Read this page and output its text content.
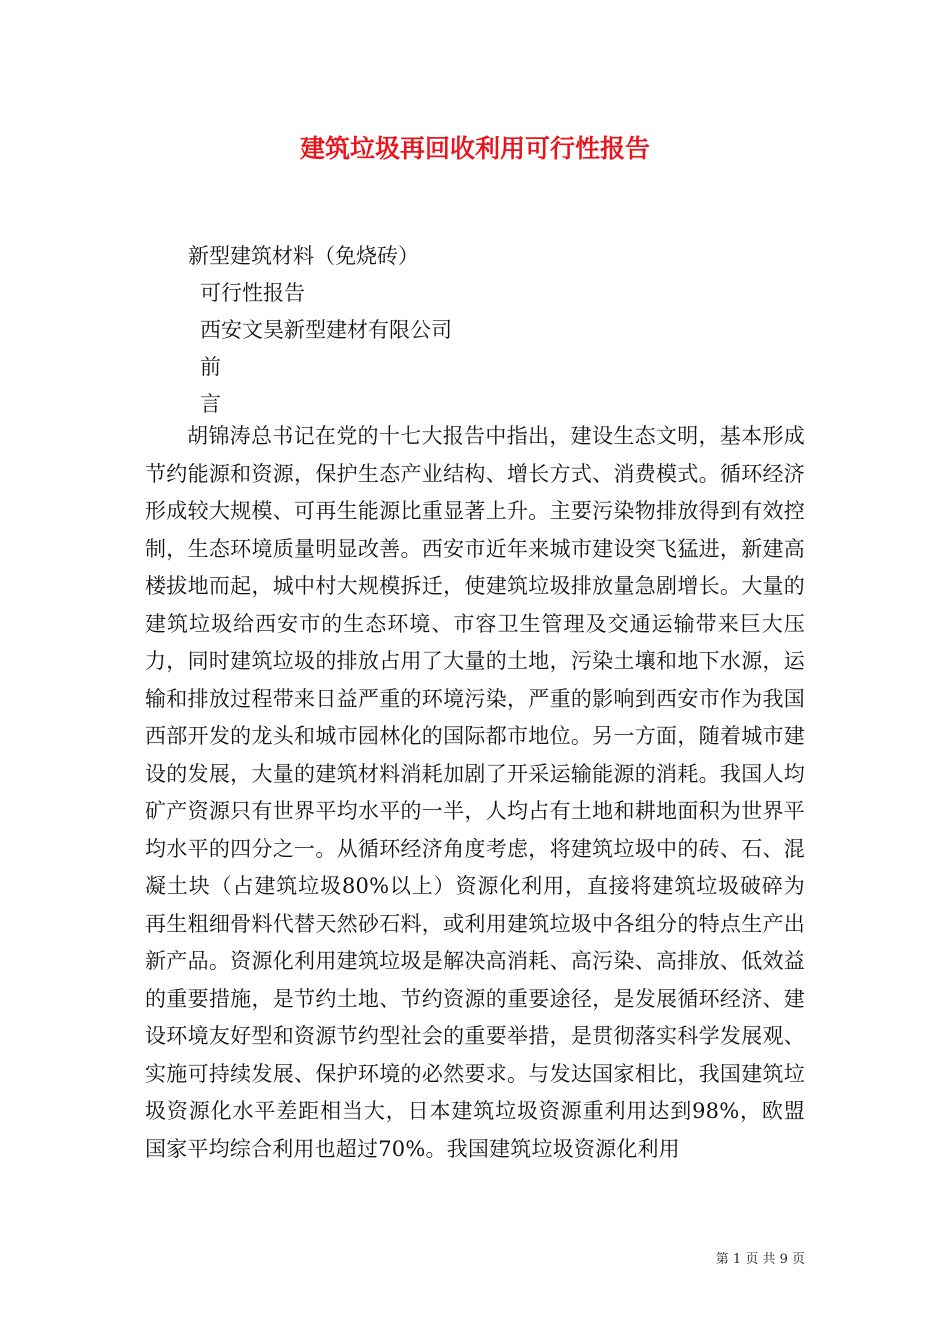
建筑垃圾再回收利用可行性报告
新型建筑材料（免烧砖）
可行性报告
西安文昊新型建材有限公司
前
言

胡锦涛总书记在党的十七大报告中指出，建设生态文明，基本形成节约能源和资源，保护生态产业结构、增长方式、消费模式。循环经济形成较大规模、可再生能源比重显著上升。主要污染物排放得到有效控制，生态环境质量明显改善。西安市近年来城市建设突飞猛进，新建高楼拔地而起，城中村大规模拆迁，使建筑垃圾排放量急剧增长。大量的建筑垃圾给西安市的生态环境、市容卫生管理及交通运输带来巨大压力，同时建筑垃圾的排放占用了大量的土地，污染土壤和地下水源，运输和排放过程带来日益严重的环境污染，严重的影响到西安市作为我国西部开发的龙头和城市园林化的国际都市地位。另一方面，随着城市建设的发展，大量的建筑材料消耗加剧了开采运输能源的消耗。我国人均矿产资源只有世界平均水平的一半，人均占有土地和耕地面积为世界平均水平的四分之一。从循环经济角度考虑，将建筑垃圾中的砖、石、混凝土块（占建筑垃圾80%以上）资源化利用，直接将建筑垃圾破碎为再生粗细骨料代替天然砂石料，或利用建筑垃圾中各组分的特点生产出新产品。资源化利用建筑垃圾是解决高消耗、高污染、高排放、低效益的重要措施，是节约土地、节约资源的重要途径，是发展循环经济、建设环境友好型和资源节约型社会的重要举措，是贯彻落实科学发展观、实施可持续发展、保护环境的必然要求。与发达国家相比，我国建筑垃圾资源化水平差距相当大，日本建筑垃圾资源重利用达到98%，欧盟国家平均综合利用也超过70%。我国建筑垃圾资源化利用

第 1 页 共 9 页
